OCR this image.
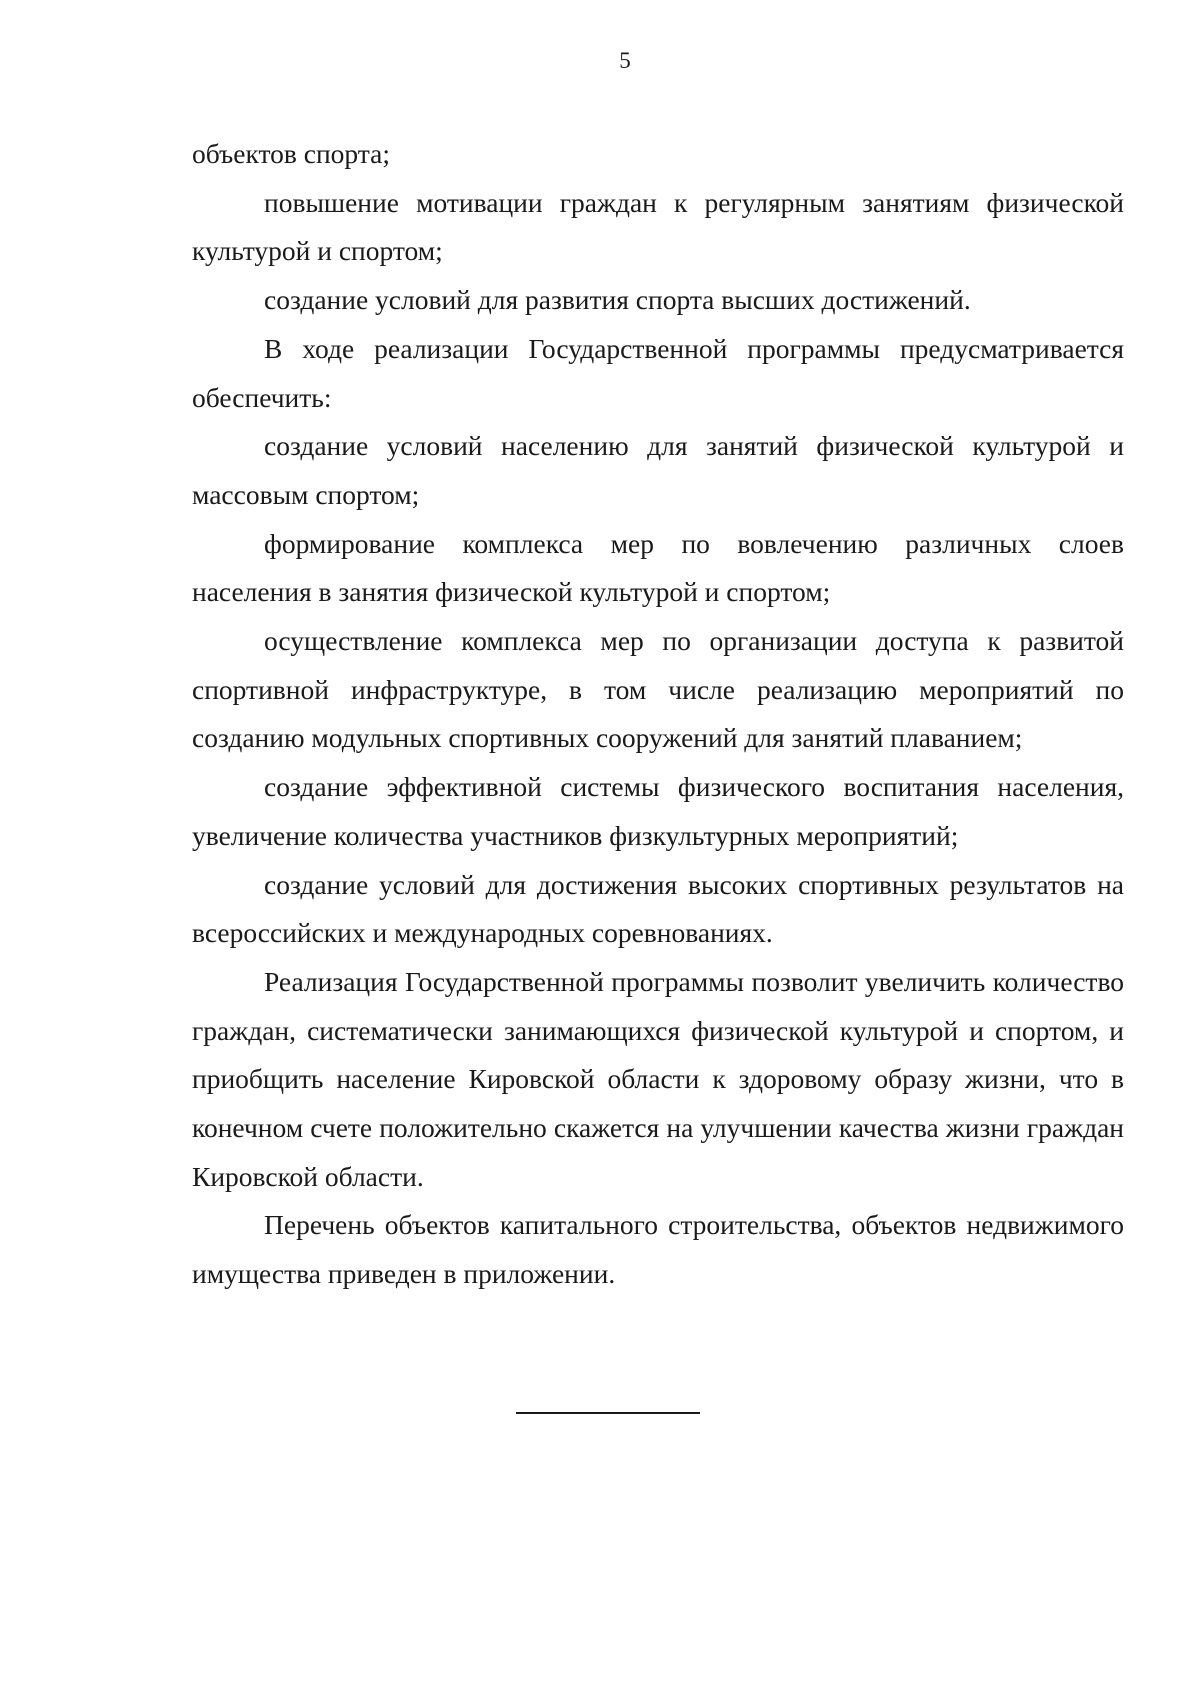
5

объектов спорта;

повышение мотивации граждан к регулярным занятиям физической культурой и спортом;

создание условий для развития спорта высших достижений.

В ходе реализации Государственной программы предусматривается обеспечить:

создание условий населению для занятий физической культурой и массовым спортом;

формирование комплекса мер по вовлечению различных слоев населения в занятия физической культурой и спортом;

осуществление комплекса мер по организации доступа к развитой спортивной инфраструктуре, в том числе реализацию мероприятий по созданию модульных спортивных сооружений для занятий плаванием;

создание эффективной системы физического воспитания населения, увеличение количества участников физкультурных мероприятий;

создание условий для достижения высоких спортивных результатов на всероссийских и международных соревнованиях.

Реализация Государственной программы позволит увеличить количество граждан, систематически занимающихся физической культурой и спортом, и приобщить население Кировской области к здоровому образу жизни, что в конечном счете положительно скажется на улучшении качества жизни граждан Кировской области.

Перечень объектов капитального строительства, объектов недвижимого имущества приведен в приложении.
